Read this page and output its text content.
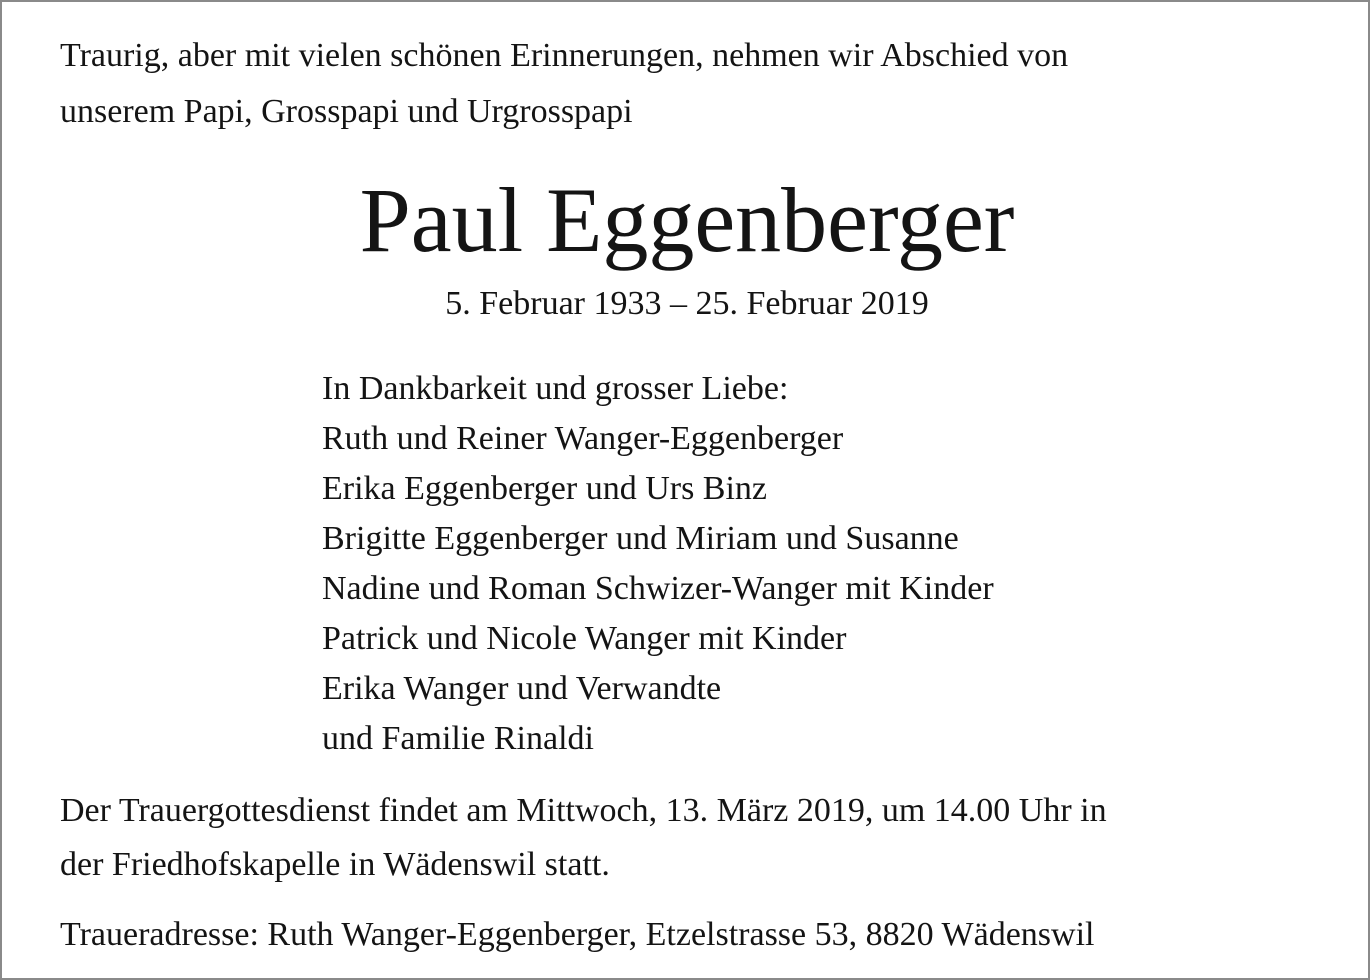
Traurig, aber mit vielen schönen Erinnerungen, nehmen wir Abschied von
unserem Papi, Grosspapi und Urgrosspapi

Paul Eggenberger

5. Februar 1933 – 25. Februar 2019

In Dankbarkeit und grosser Liebe:
Ruth und Reiner Wanger-Eggenberger
Erika Eggenberger und Urs Binz
Brigitte Eggenberger und Miriam und Susanne
Nadine und Roman Schwizer-Wanger mit Kinder
Patrick und Nicole Wanger mit Kinder
Erika Wanger und Verwandte
und Familie Rinaldi

Der Trauergottesdienst findet am Mittwoch, 13. März 2019, um 14.00 Uhr in
der Friedhofskapelle in Wädenswil statt.

Traueradresse: Ruth Wanger-Eggenberger, Etzelstrasse 53, 8820 Wädenswil
